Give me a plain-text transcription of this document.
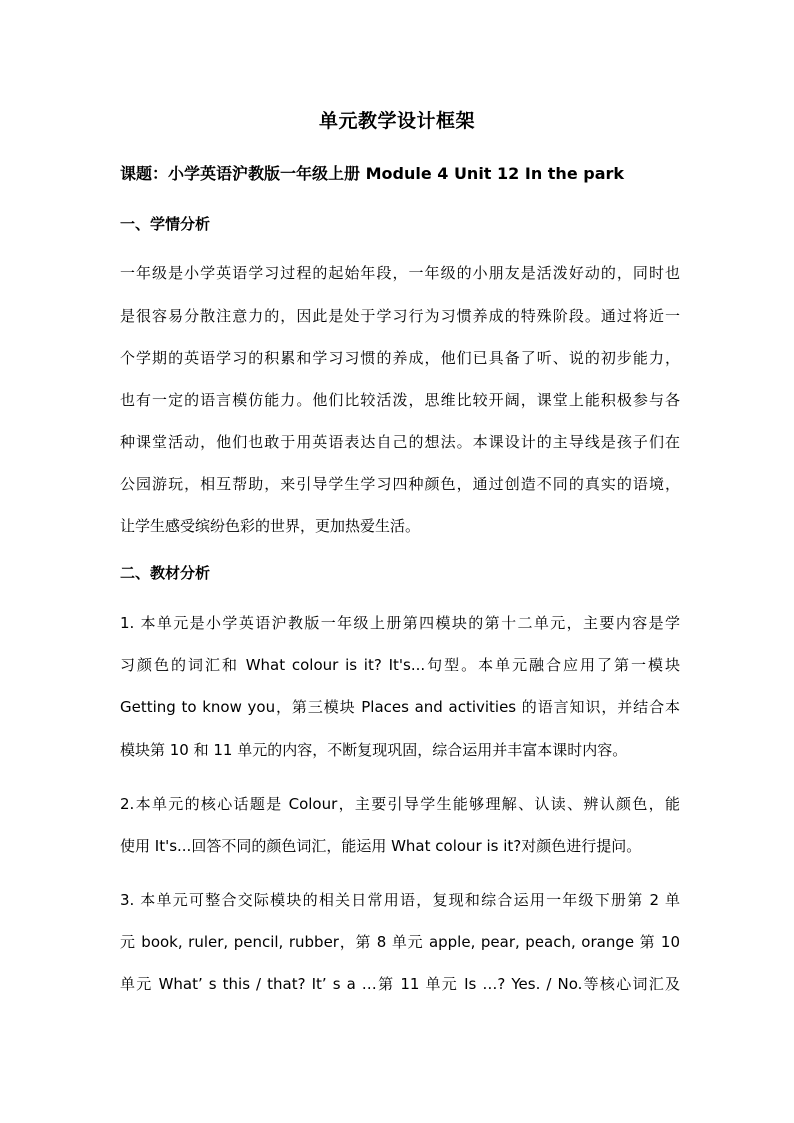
单元教学设计框架
课题：小学英语沪教版一年级上册 Module 4 Unit 12 In the park
一、学情分析
一年级是小学英语学习过程的起始年段，一年级的小朋友是活泼好动的，同时也
是很容易分散注意力的，因此是处于学习行为习惯养成的特殊阶段。通过将近一
个学期的英语学习的积累和学习习惯的养成，他们已具备了听、说的初步能力，
也有一定的语言模仿能力。他们比较活泼，思维比较开阔，课堂上能积极参与各
种课堂活动，他们也敢于用英语表达自己的想法。本课设计的主导线是孩子们在
公园游玩，相互帮助，来引导学生学习四种颜色，通过创造不同的真实的语境，
让学生感受缤纷色彩的世界，更加热爱生活。
二、教材分析
1. 本单元是小学英语沪教版一年级上册第四模块的第十二单元，主要内容是学
习颜色的词汇和 What colour is it? It's...句型。本单元融合应用了第一模块
Getting to know you，第三模块 Places and activities 的语言知识，并结合本
模块第 10 和 11 单元的内容，不断复现巩固，综合运用并丰富本课时内容。
2.本单元的核心话题是 Colour，主要引导学生能够理解、认读、辨认颜色，能
使用 It's...回答不同的颜色词汇，能运用 What colour is it?对颜色进行提问。
3. 本单元可整合交际模块的相关日常用语，复现和综合运用一年级下册第 2 单
元 book, ruler, pencil, rubber，第 8 单元 apple, pear, peach, orange 第 10
单元 What’ s this / that? It’ s a …第 11 单元 Is …? Yes. / No.等核心词汇及
